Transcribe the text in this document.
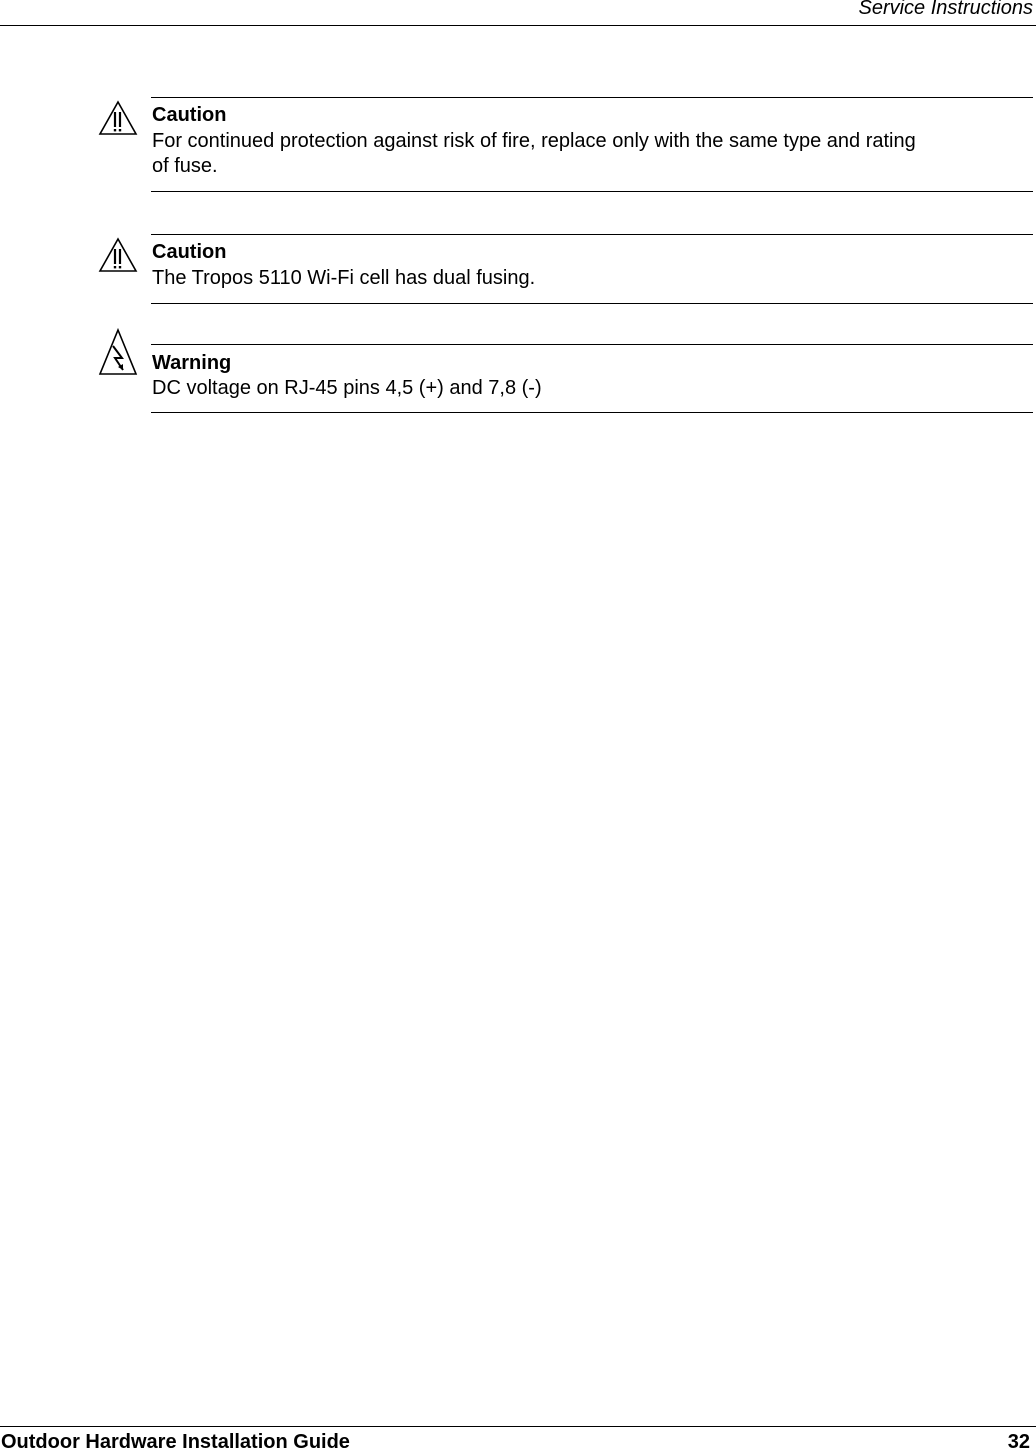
Service Instructions
Caution
For continued protection against risk of fire, replace only with the same type and rating
of fuse.
Caution
The Tropos 5110 Wi-Fi cell has dual fusing.
Warning
DC voltage on RJ-45 pins 4,5 (+) and 7,8 (-)
Outdoor Hardware Installation Guide	32
